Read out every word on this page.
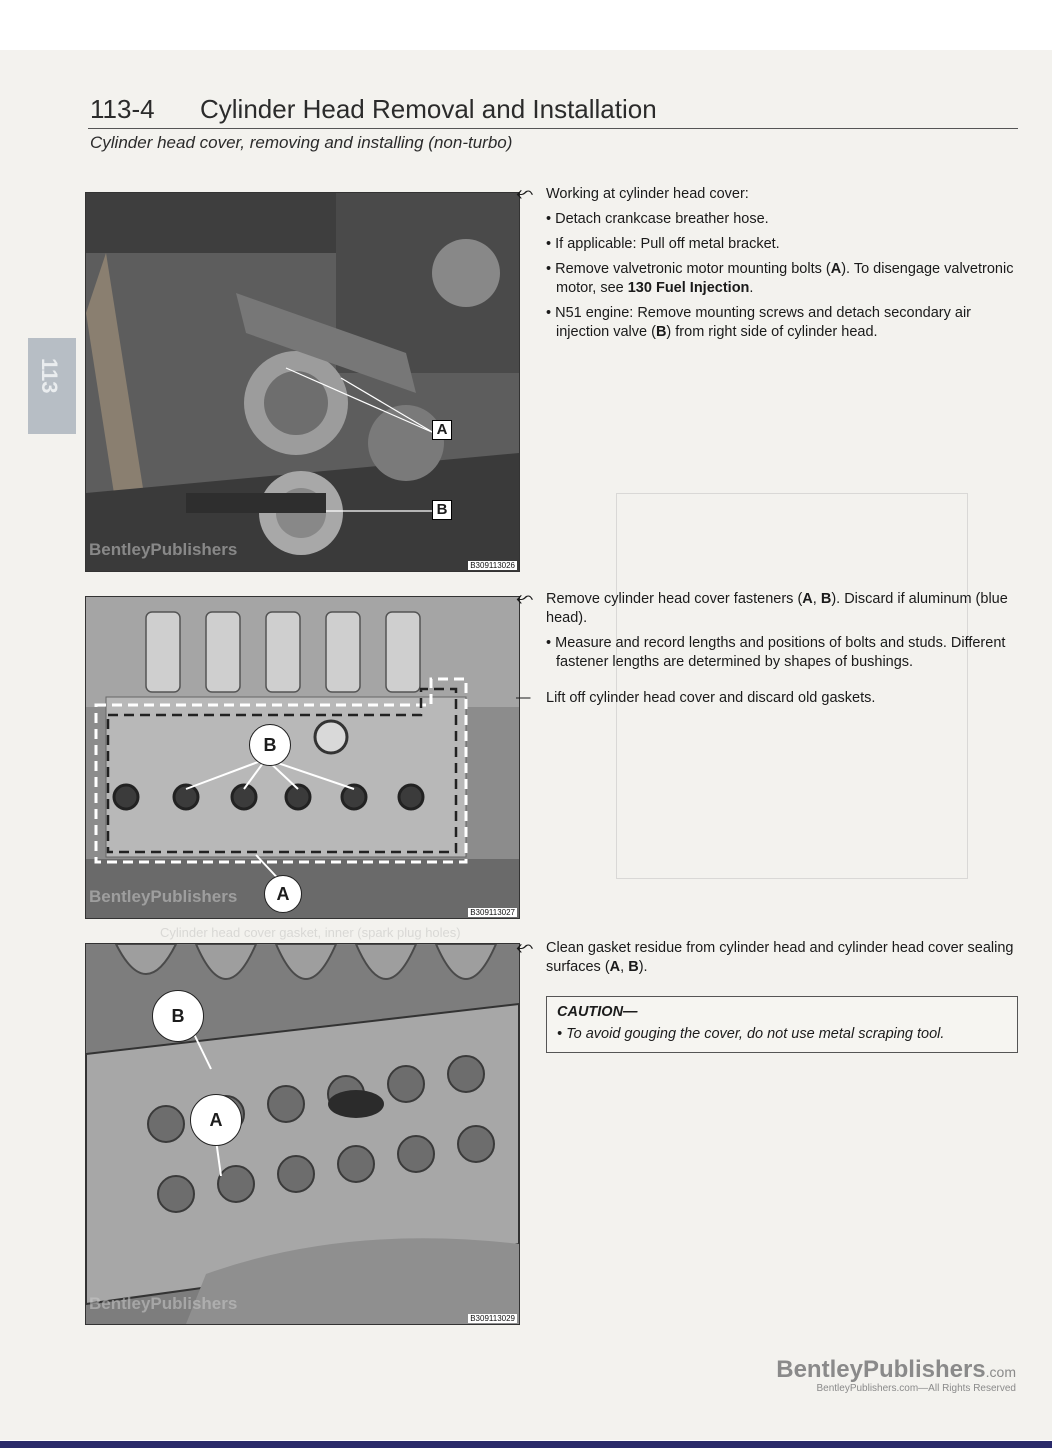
Cylinder head cover gasket, inner (spark plug holes)
113-4 Cylinder Head Removal and Installation
Cylinder head cover, removing and installing (non-turbo)
113
A
B
BentleyPublishers
B309113026
B
A
BentleyPublishers
B309113027
B
A
BentleyPublishers
B309113029
⬿ Working at cylinder head cover:

• Detach crankcase breather hose.

• If applicable: Pull off metal bracket.

• Remove valvetronic motor mounting bolts (A). To disengage valvetronic motor, see 130 Fuel Injection.

• N51 engine: Remove mounting screws and detach secondary air injection valve (B) from right side of cylinder head.

⬿ Remove cylinder head cover fasteners (A, B). Discard if aluminum (blue head).

• Measure and record lengths and positions of bolts and studs. Different fastener lengths are determined by shapes of bushings.

—	Lift off cylinder head cover and discard old gaskets.

⬿ Clean gasket residue from cylinder head and cylinder head cover sealing surfaces (A, B).

CAUTION—
• To avoid gouging the cover, do not use metal scraping tool.
BentleyPublishers.com
BentleyPublishers.com—All Rights Reserved
